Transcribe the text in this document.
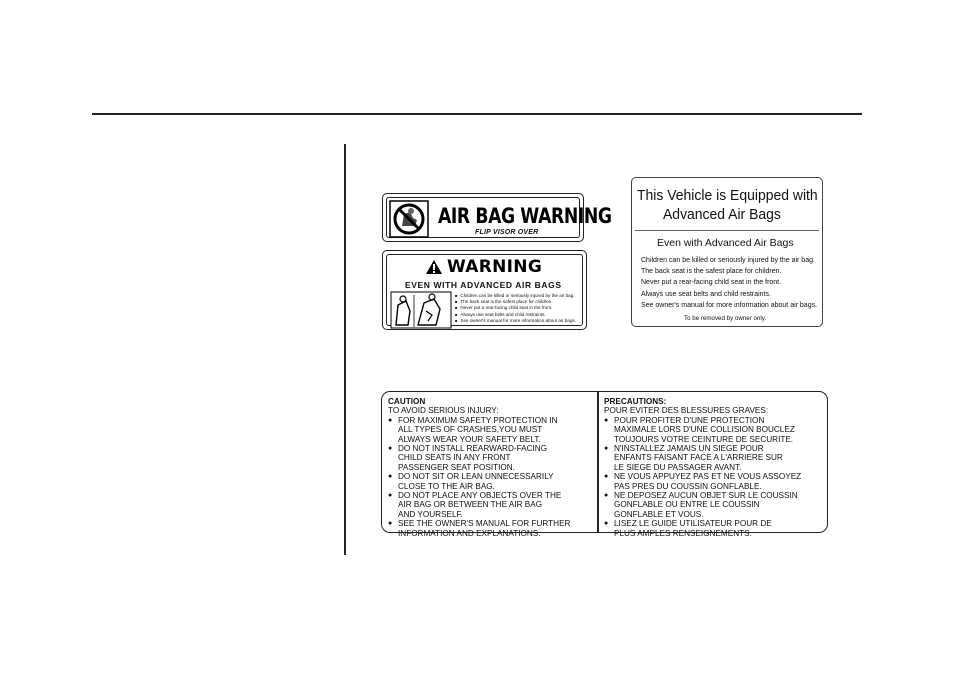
AIR BAG WARNING
FLIP VISOR OVER
WARNING
EVEN WITH ADVANCED AIR BAGS
■ Children can be killed or seriously injured by the air bag.
■ The back seat is the safest place for children.
■ Never put a rear-facing child seat in the front.
■ Always use seat belts and child restraints.
■ See owner's manual for more information about air bags.
This Vehicle is Equipped with
Advanced Air Bags
Even with Advanced Air Bags
Children can be killed or seriously injured by the air bag.
The back seat is the safest place for children.
Never put a rear-facing child seat in the front.
Always use seat belts and child restraints.
See owner's manual for more information about air bags.
To be removed by owner only.
CAUTION
TO AVOID SERIOUS INJURY:
● FOR MAXIMUM SAFETY PROTECTION IN
ALL TYPES OF CRASHES,YOU MUST
ALWAYS WEAR YOUR SAFETY BELT.
● DO NOT INSTALL REARWARD-FACING
CHILD SEATS IN ANY FRONT
PASSENGER SEAT POSITION.
● DO NOT SIT OR LEAN UNNECESSARILY
CLOSE TO THE AIR BAG.
● DO NOT PLACE ANY OBJECTS OVER THE
AIR BAG OR BETWEEN THE AIR BAG
AND YOURSELF.
● SEE THE OWNER'S MANUAL FOR FURTHER
INFORMATION AND EXPLANATIONS.
PRECAUTIONS:
POUR EVITER DES BLESSURES GRAVES:
● POUR PROFITER D'UNE PROTECTION
MAXIMALE LORS D'UNE COLLISION BOUCLEZ
TOUJOURS VOTRE CEINTURE DE SECURITE.
● N'INSTALLEZ JAMAIS UN SIEGE POUR
ENFANTS FAISANT FACE A L'ARRIERE SUR
LE SIEGE DU PASSAGER AVANT.
● NE VOUS APPUYEZ PAS ET NE VOUS ASSOYEZ
PAS PRES DU COUSSIN GONFLABLE.
● NE DEPOSEZ AUCUN OBJET SUR LE COUSSIN
GONFLABLE OU ENTRE LE COUSSIN
GONFLABLE ET VOUS.
● LISEZ LE GUIDE UTILISATEUR POUR DE
PLUS AMPLES RENSEIGNEMENTS.
